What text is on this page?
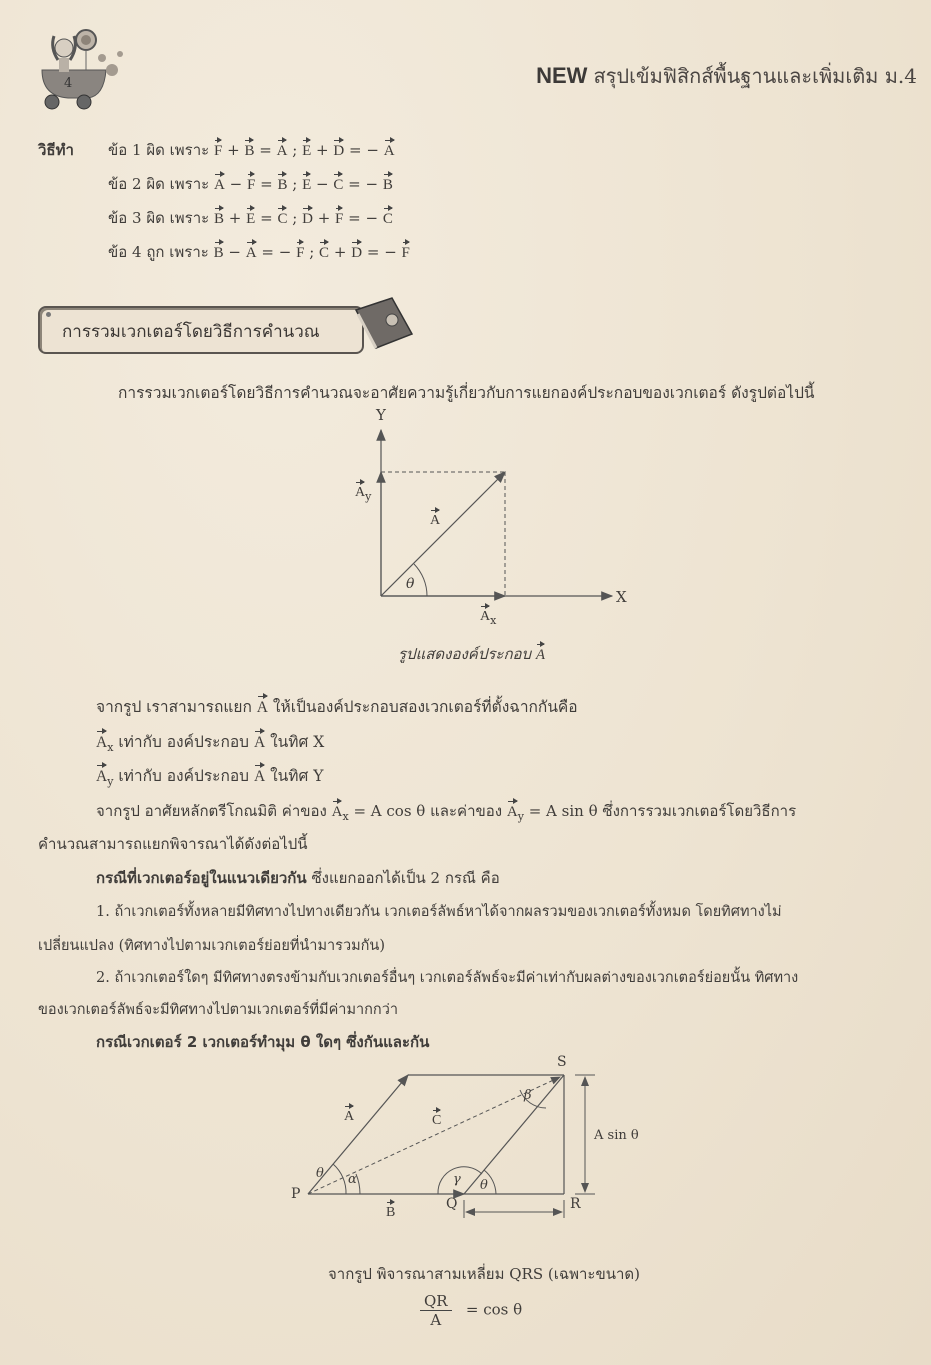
4	NEW สรุปเข้มฟิสิกส์พื้นฐานและเพิ่มเติม ม.4
วิธีทำ ข้อ 1 ผิด เพราะ F + B = A ; E + D = − A
ข้อ 2 ผิด เพราะ A − F = B ; E − C = − B
ข้อ 3 ผิด เพราะ B + E = C ; D + F = − C
ข้อ 4 ถูก เพราะ B − A = − F ; C + D = − F
การรวมเวกเตอร์โดยวิธีการคำนวณ
การรวมเวกเตอร์โดยวิธีการคำนวณจะอาศัยความรู้เกี่ยวกับการแยกองค์ประกอบของเวกเตอร์ ดังรูปต่อไปนี้
Y
X
$A_y$
A
θ
$A_x$
รูปแสดงองค์ประกอบ A
จากรูป เราสามารถแยก A ให้เป็นองค์ประกอบสองเวกเตอร์ที่ตั้งฉากกันคือ
$A_x$ เท่ากับ องค์ประกอบ A ในทิศ X
$A_y$ เท่ากับ องค์ประกอบ A ในทิศ Y
จากรูป อาศัยหลักตรีโกณมิติ ค่าของ $A_x = A$ cos θ และค่าของ $A_y = A$ sin θ ซึ่งการรวมเวกเตอร์โดยวิธีการ
คำนวณสามารถแยกพิจารณาได้ดังต่อไปนี้
กรณีที่เวกเตอร์อยู่ในแนวเดียวกัน ซึ่งแยกออกได้เป็น 2 กรณี คือ
1. ถ้าเวกเตอร์ทั้งหลายมีทิศทางไปทางเดียวกัน เวกเตอร์ลัพธ์หาได้จากผลรวมของเวกเตอร์ทั้งหมด โดยทิศทางไม่
เปลี่ยนแปลง (ทิศทางไปตามเวกเตอร์ย่อยที่นำมารวมกัน)
2. ถ้าเวกเตอร์ใดๆ มีทิศทางตรงข้ามกับเวกเตอร์อื่นๆ เวกเตอร์ลัพธ์จะมีค่าเท่ากับผลต่างของเวกเตอร์ย่อยนั้น ทิศทาง
ของเวกเตอร์ลัพธ์จะมีทิศทางไปตามเวกเตอร์ที่มีค่ามากกว่า
กรณีเวกเตอร์ 2 เวกเตอร์ทำมุม θ ใดๆ ซึ่งกันและกัน
P
Q	R
S
A
B
C
θ α	γ θ
β
A sin θ
จากรูป พิจารณาสามเหลี่ยม QRS (เฉพาะขนาด)
$\frac{QR}{A} = \cos \theta$
